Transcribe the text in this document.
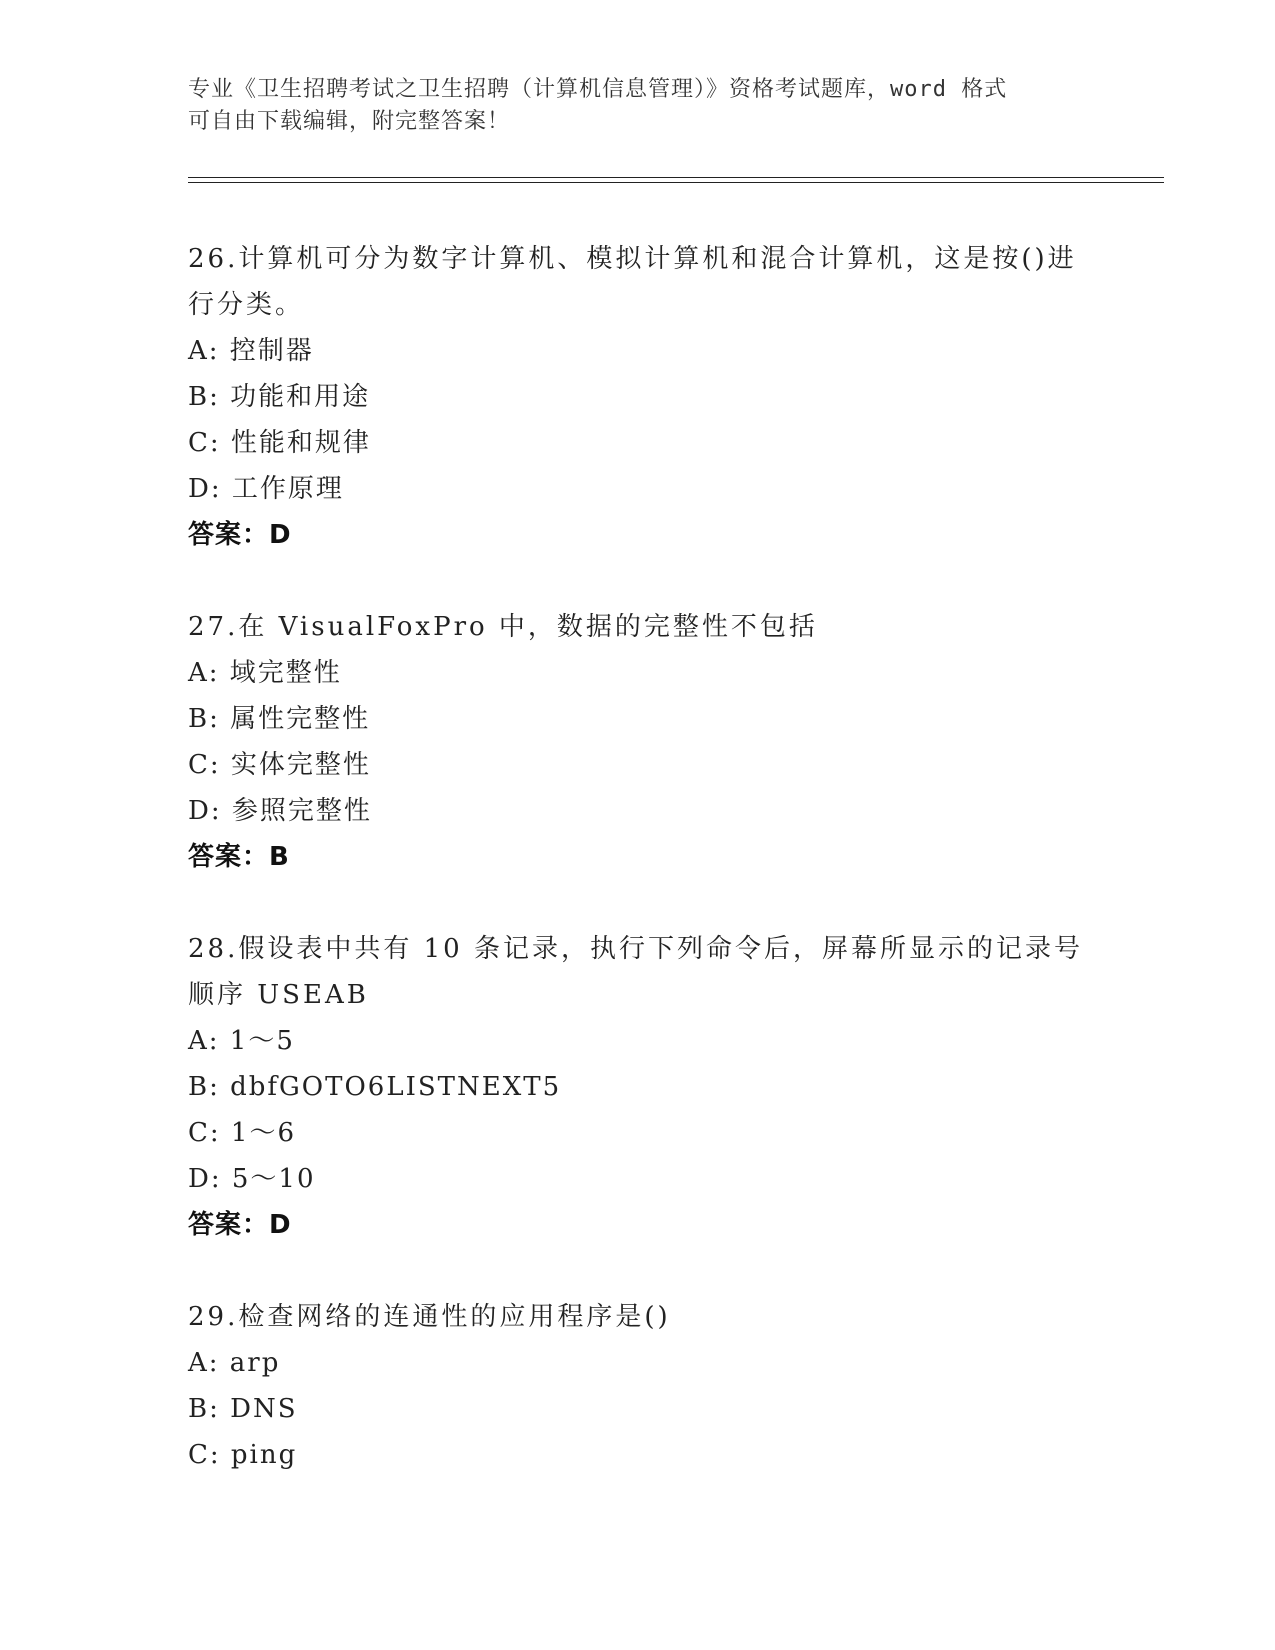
专业《卫生招聘考试之卫生招聘（计算机信息管理）》资格考试题库，word 格式
可自由下载编辑，附完整答案！
26.计算机可分为数字计算机、模拟计算机和混合计算机，这是按()进
行分类。
A: 控制器
B: 功能和用途
C: 性能和规律
D: 工作原理
答案：D
27.在 VisualFoxPro 中，数据的完整性不包括
A: 域完整性
B: 属性完整性
C: 实体完整性
D: 参照完整性
答案：B
28.假设表中共有 10 条记录，执行下列命令后，屏幕所显示的记录号
顺序 USEAB
A: 1～5
B: dbfGOTO6LISTNEXT5
C: 1～6
D: 5～10
答案：D
29.检查网络的连通性的应用程序是()
A: arp
B: DNS
C: ping
